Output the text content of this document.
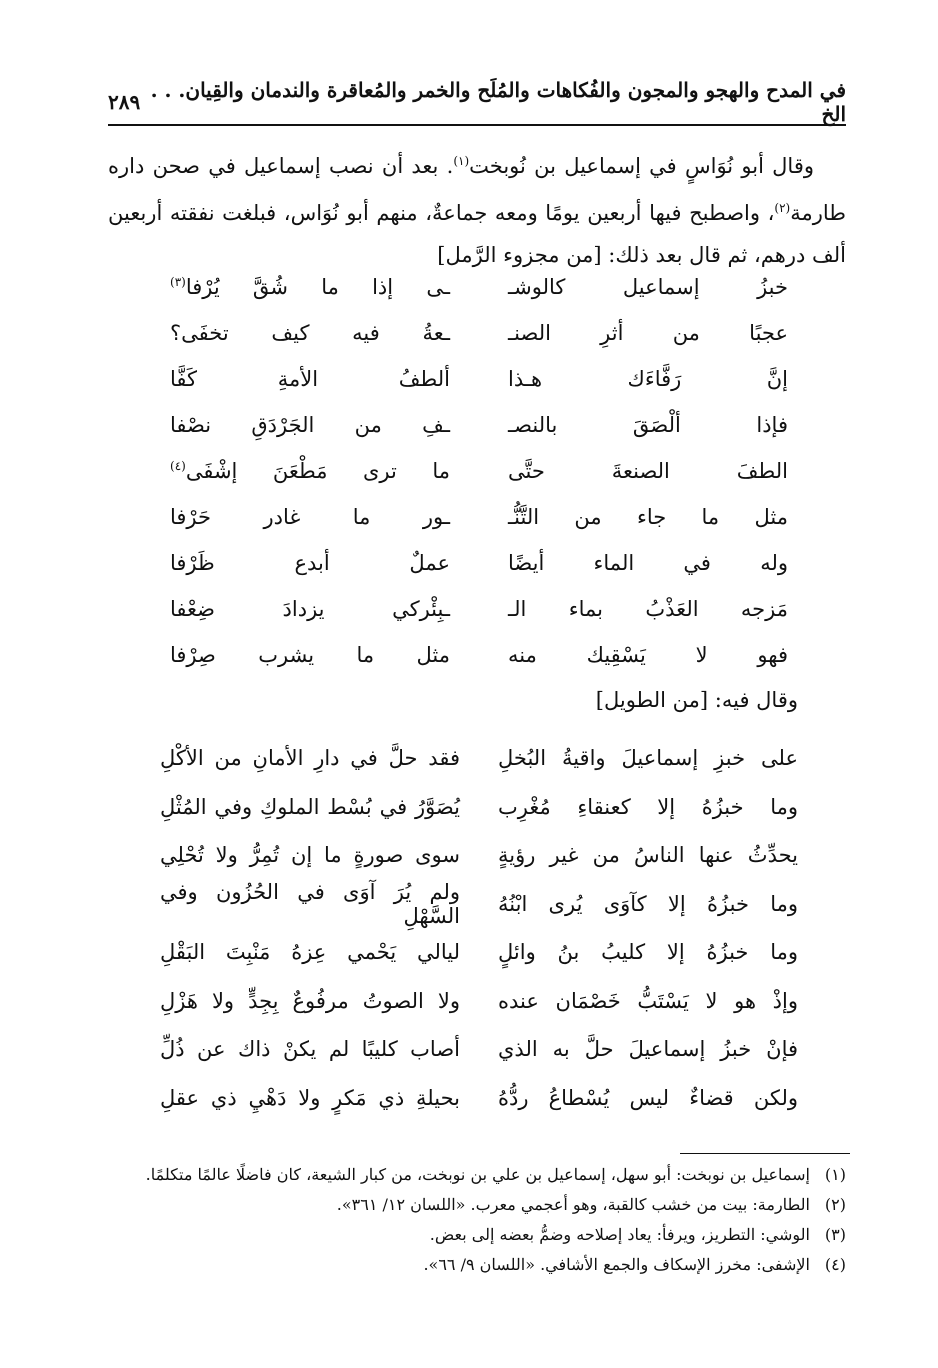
في المدح والهجو والمجون والفُكاهات والمُلَح والخمر والمُعاقرة والندمان والقِيان. . . الخ
٢٨٩

وقال أبو نُوَاسٍ في إسماعيل بن نُوبخت$^{(١)}$. بعد أن نصب إسماعيل في صحن داره طارمة$^{(٢)}$، واصطبح فيها أربعين يومًا ومعه جماعةٌ، منهم أبو نُوَاس، فبلغت نفقته أربعين ألف درهم، ثم قال بعد ذلك: [من مجزوء الرَّمل]

خبزُ إسماعيل كالوشـ
ـى إذا ما شُقَّ يُرْفا$^{(٣)}$
عجبًا من أثرِ الصنـ
ـعةُ فيه كيف تخفَى؟
إنَّ رَفَّاءَك هـذا
ألطفُ الأمةِ كَفَّا
فإذا ألْصَقَ بالنصـ
ـفِ من الجَرْدَقِ نصْفا
الطفَ الصنعةَ حتَّى
ما ترى مَطْعَنَ إشْفَى$^{(٤)}$
مثل ما جاء من التَّنُّـ
ـور ما غادر حَرْفا
وله في الماء أيضًا
عملٌ أبدع ظَرْفا
مَزجه العَذْبُ بماء الـ
ـبِئْركي يزدادَ ضِعْفا
فهو لا يَسْقِيك منه
مثل ما يشرب صِرْفا
وقال فيه: [من الطويل]
على خبزِ إسماعيلَ واقيةُ البُخلِ
فقد حلَّ في دارِ الأمانِ من الأكْلِ
وما خبزُهُ إلا كعنقاءِ مُغْرِب
يُصَوَّرُ في بُسْط الملوكِ وفي المُثْلِ
يحدِّثُ عنها الناسُ من غير رؤيةٍ
سوى صورةٍ ما إن تُمِرُّ ولا تُحْلِي
وما خبزُهُ إلا كآوَى يُرى ابْنُهُ
ولم يُرَ آوَى في الحُزُون وفي السَّهْلِ
وما خبزُهُ إلا كليبُ بنُ وائلٍ
ليالي يَحْمي عِزهُ مَنْبِتَ البَقْلِ
وإذْ هو لا يَسْتَبُّ خَصْمَان عنده
ولا الصوتُ مرفُوعٌ بِجِدٍّ ولا هَزْلِ
فإنْ خبزُ إسماعيلَ حلَّ به الذي
أصاب كليبًا لم يكنْ ذاك عن ذُلِّ
ولكن قضاءٌ ليس يُسْطاعُ ردُّهُ
بحيلةِ ذي مَكرٍ ولا دَهْيِ ذي عقلِ
(١)
إسماعيل بن نوبخت: أبو سهل، إسماعيل بن علي بن نوبخت، من كبار الشيعة، كان فاضلًا عالمًا متكلمًا.
(٢)
الطارمة: بيت من خشب كالقبة، وهو أعجمي معرب. «اللسان ١٢/ ٣٦١».
(٣)
الوشي: التطريز، ويرفأ: يعاد إصلاحه وضمُّ بعضه إلى بعض.
(٤)
الإشفى: مخرز الإسكاف والجمع الأشافي. «اللسان ٩/ ٦٦».
